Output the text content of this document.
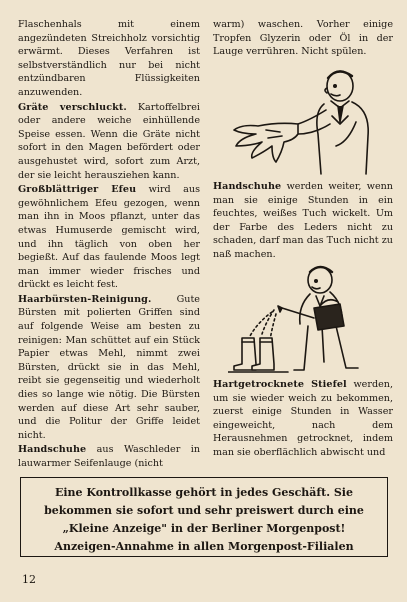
Flaschenhals mit einem angezündeten Streichholz vorsichtig erwärmt. Dieses Verfahren ist selbstverständlich nur bei nicht entzündbaren Flüssigkeiten anzuwenden.

Gräte verschluckt. Kartoffelbrei oder andere weiche einhüllende Speise essen. Wenn die Gräte nicht sofort in den Magen befördert oder ausgehustet wird, sofort zum Arzt, der sie leicht herausziehen kann.

Großblättriger Efeu wird aus gewöhnlichem Efeu gezogen, wenn man ihn in Moos pflanzt, unter das etwas Humuserde gemischt wird, und ihn täglich von oben her begießt. Auf das faulende Moos legt man immer wieder frisches und drückt es leicht fest.

Haarbürsten-Reinigung. Gute Bürsten mit polierten Griffen sind auf folgende Weise am besten zu reinigen: Man schüttet auf ein Stück Papier etwas Mehl, nimmt zwei Bürsten, drückt sie in das Mehl, reibt sie gegenseitig und wiederholt dies so lange wie nötig. Die Bürsten werden auf diese Art sehr sauber, und die Politur der Griffe leidet nicht.

Handschuhe aus Waschleder in lauwarmer Seifenlauge (nicht

warm) waschen. Vorher einige Tropfen Glyzerin oder Öl in der Lauge verrühren. Nicht spülen.

Handschuhe werden weiter, wenn man sie einige Stunden in ein feuchtes, weißes Tuch wickelt. Um der Farbe des Leders nicht zu schaden, darf man das Tuch nicht zu naß machen.

Hartgetrocknete Stiefel werden, um sie wieder weich zu bekommen, zuerst einige Stunden in Wasser eingeweicht, nach dem Herausnehmen getrocknet, indem man sie oberflächlich abwischt und

Eine Kontrollkasse gehört in jedes Geschäft. Sie
bekommen sie sofort und sehr preiswert durch eine
„Kleine Anzeige" in der Berliner Morgenpost!
Anzeigen-Annahme in allen Morgenpost-Filialen
12
